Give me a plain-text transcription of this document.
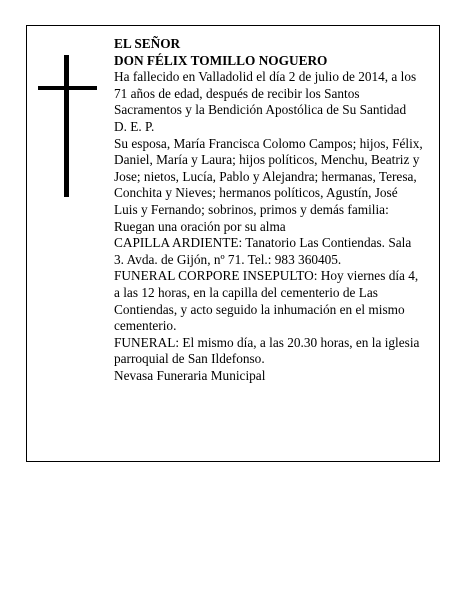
EL SEÑOR

DON FÉLIX TOMILLO NOGUERO

Ha fallecido en Valladolid el día 2 de julio de 2014, a los 71 años de edad, después de recibir los Santos Sacramentos y la Bendición Apostólica de Su Santidad

D. E. P.

Su esposa, María Francisca Colomo Campos; hijos, Félix, Daniel, María y Laura; hijos políticos, Menchu, Beatriz y Jose; nietos, Lucía, Pablo y Alejandra; hermanas, Teresa, Conchita y Nieves; hermanos políticos, Agustín, José Luis y Fernando; sobrinos, primos y demás familia:

Ruegan una oración por su alma

CAPILLA ARDIENTE: Tanatorio Las Contiendas. Sala 3. Avda. de Gijón, nº 71. Tel.: 983 360405.

FUNERAL CORPORE INSEPULTO: Hoy viernes día 4, a las 12 horas, en la capilla del cementerio de Las Contiendas, y acto seguido la inhumación en el mismo cementerio.

FUNERAL: El mismo día, a las 20.30 horas, en la iglesia parroquial de San Ildefonso.

Nevasa Funeraria Municipal
